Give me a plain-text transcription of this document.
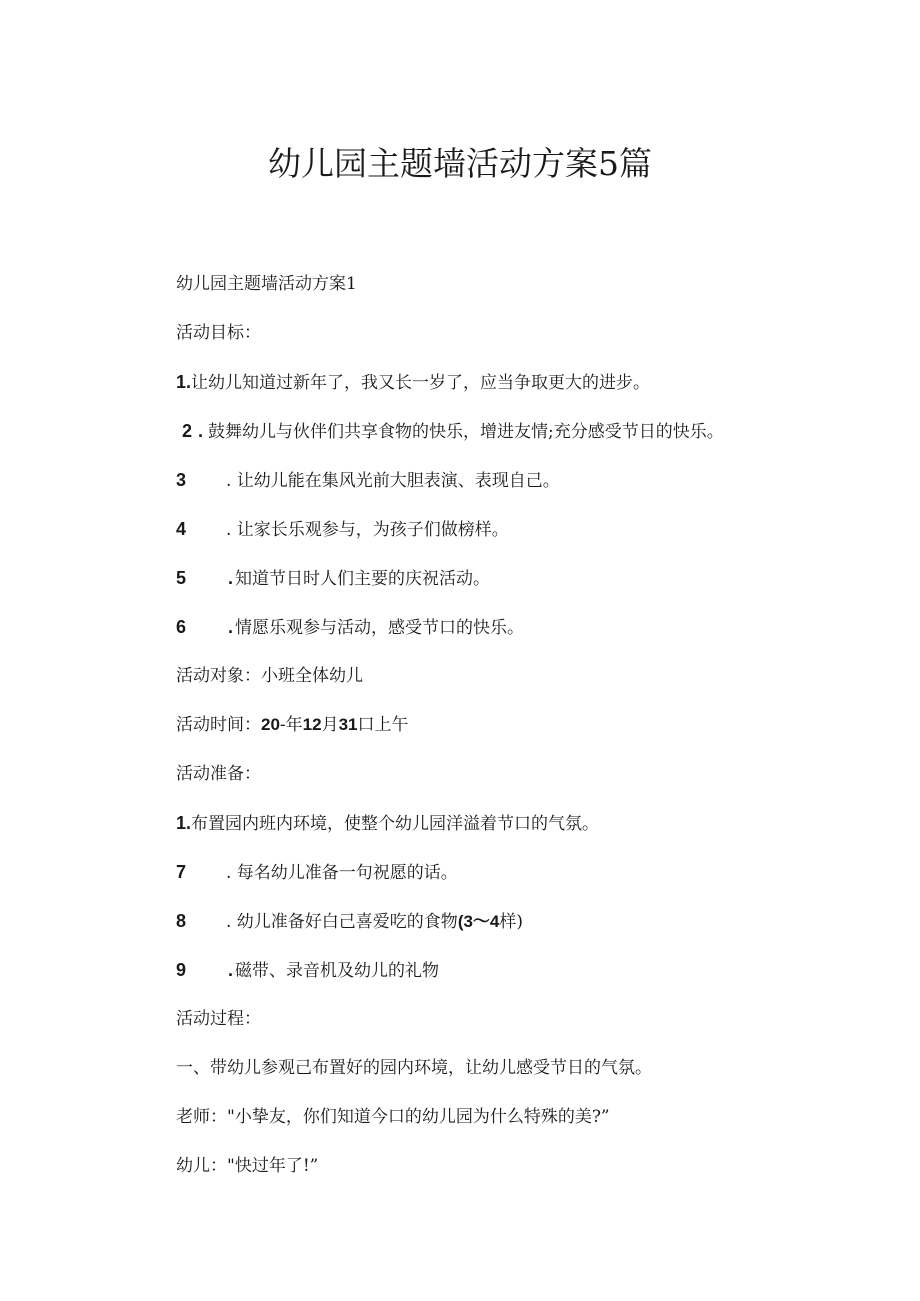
幼儿园主题墙活动方案5篇
幼儿园主题墙活动方案1
活动目标：
1.让幼儿知道过新年了，我又长一岁了，应当争取更大的进步。
2 . 鼓舞幼儿与伙伴们共享食物的快乐，增进友情;充分感受节日的快乐。
3 . 让幼儿能在集风光前大胆表演、表现自己。
4 . 让家长乐观参与，为孩子们做榜样。
5 . 知道节日时人们主要的庆祝活动。
6 . 情愿乐观参与活动，感受节口的快乐。
活动对象：小班全体幼儿
活动时间：20-年12月31口上午
活动准备：
1.布置园内班内环境，使整个幼儿园洋溢着节口的气氛。
7 . 每名幼儿准备一句祝愿的话。
8 . 幼儿准备好白己喜爱吃的食物(3〜4样)
9 . 磁带、录音机及幼儿的礼物
活动过程：
一、带幼儿参观己布置好的园内环境，让幼儿感受节日的气氛。
老师："小挚友，你们知道今口的幼儿园为什么特殊的美?”
幼儿："快过年了!”
